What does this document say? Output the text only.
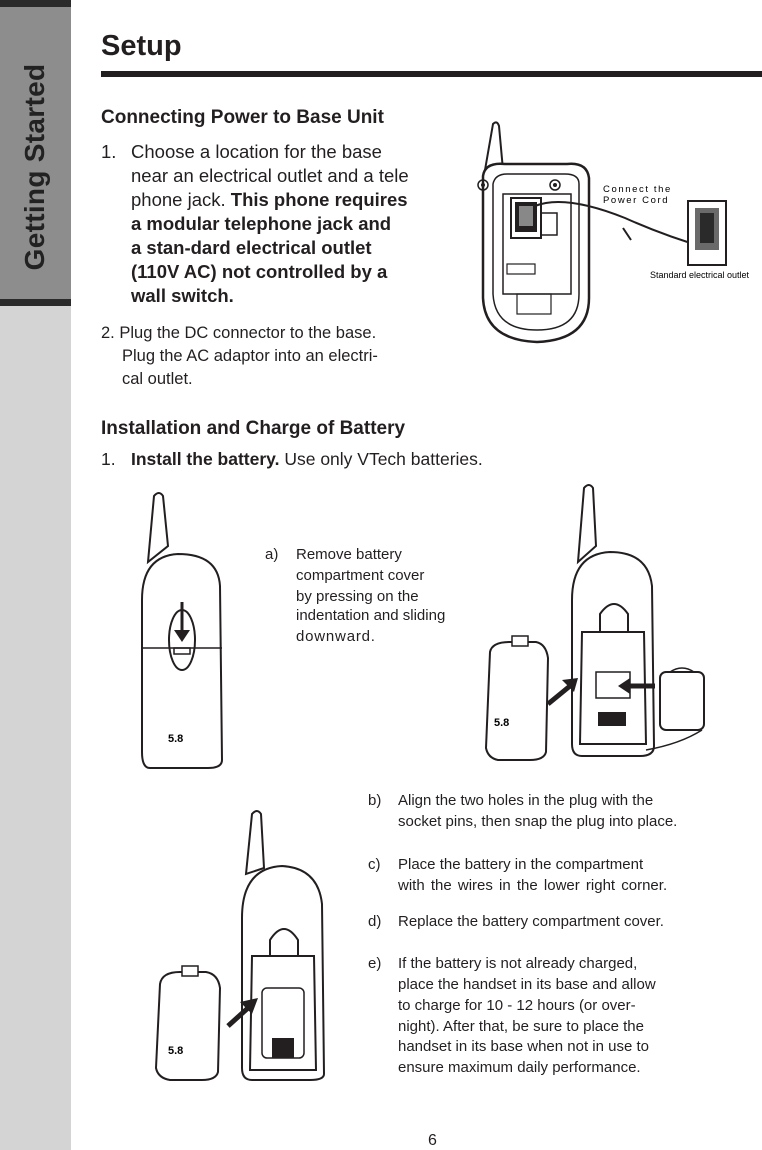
Getting Started
Setup
Connecting Power to Base Unit
1. Choose a location for the base
near an electrical outlet and a tele
phone jack. This phone requires
a modular telephone jack and
a stan-dard electrical outlet
(110V AC) not controlled by a
wall switch.
2. Plug the DC connector to the base.
Plug the AC adaptor into an electri-
cal outlet.
Connect the
Power Cord
Standard electrical outlet
Installation and Charge of Battery
1. Install the battery. Use only VTech batteries.
5.8
a) Remove battery
compartment cover
by pressing on the
indentation and sliding
downward.
5.8
5.8
b) Align the two holes in the plug with the
socket pins, then snap the plug into place.
c) Place the battery in the compartment
with the wires in the lower right corner.
d) Replace the battery compartment cover.
e) If the battery is not already charged,
place the handset in its base and allow
to charge for 10 - 12 hours (or over-
night). After that, be sure to place the
handset in its base when not in use to
ensure maximum daily performance.
6
